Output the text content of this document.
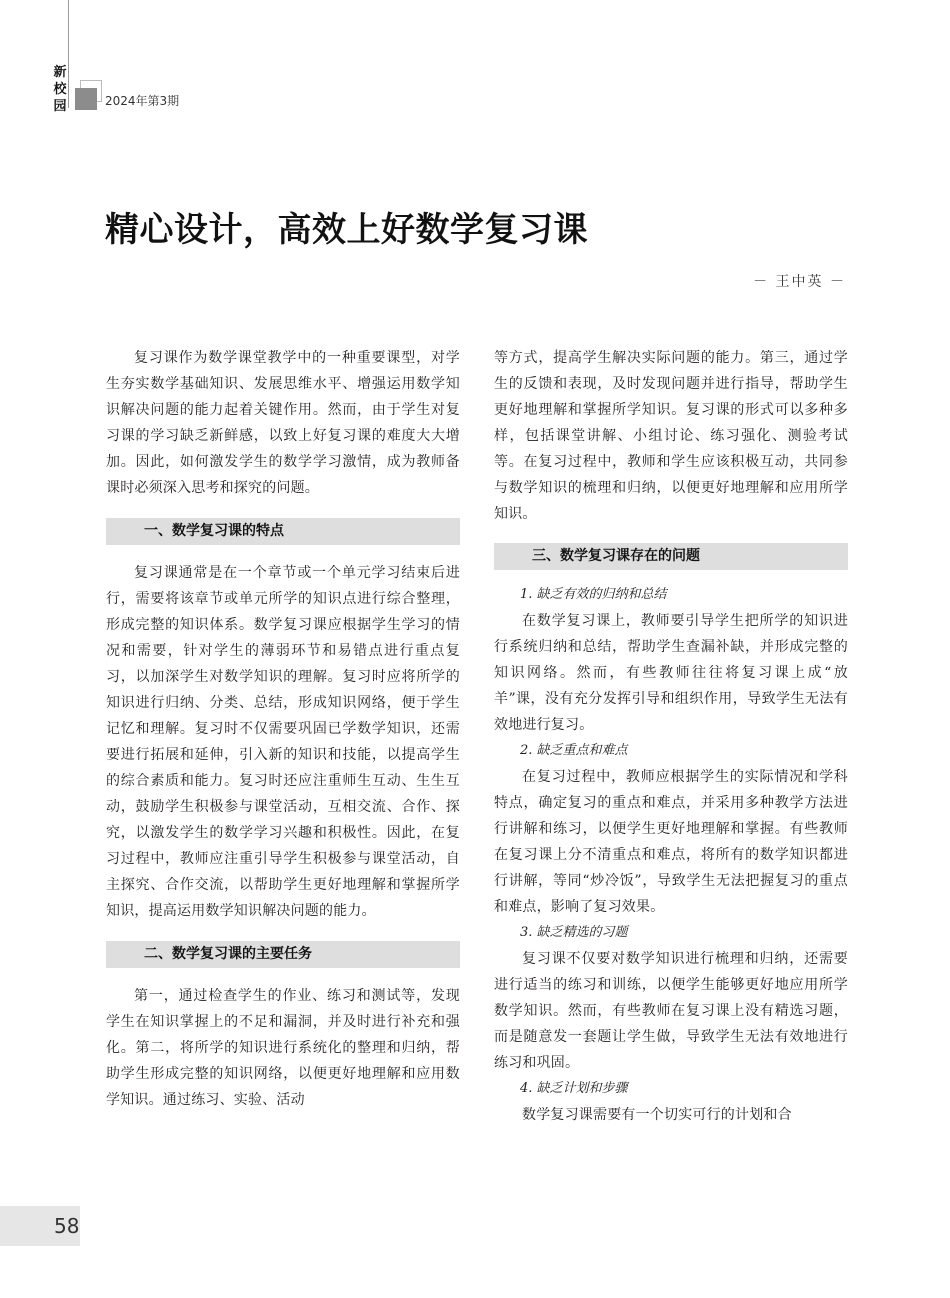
新
校
园	2024年第3期
精心设计，高效上好数学复习课
－ 王中英 －

复习课作为数学课堂教学中的一种重要课型，对学生夯实数学基础知识、发展思维水平、增强运用数学知识解决问题的能力起着关键作用。然而，由于学生对复习课的学习缺乏新鲜感，以致上好复习课的难度大大增加。因此，如何激发学生的数学学习激情，成为教师备课时必须深入思考和探究的问题。

一、数学复习课的特点

复习课通常是在一个章节或一个单元学习结束后进行，需要将该章节或单元所学的知识点进行综合整理，形成完整的知识体系。数学复习课应根据学生学习的情况和需要，针对学生的薄弱环节和易错点进行重点复习，以加深学生对数学知识的理解。复习时应将所学的知识进行归纳、分类、总结，形成知识网络，便于学生记忆和理解。复习时不仅需要巩固已学数学知识，还需要进行拓展和延伸，引入新的知识和技能，以提高学生的综合素质和能力。复习时还应注重师生互动、生生互动，鼓励学生积极参与课堂活动，互相交流、合作、探究，以激发学生的数学学习兴趣和积极性。因此，在复习过程中，教师应注重引导学生积极参与课堂活动，自主探究、合作交流，以帮助学生更好地理解和掌握所学知识，提高运用数学知识解决问题的能力。

二、数学复习课的主要任务

第一，通过检查学生的作业、练习和测试等，发现学生在知识掌握上的不足和漏洞，并及时进行补充和强化。第二，将所学的知识进行系统化的整理和归纳，帮助学生形成完整的知识网络，以便更好地理解和应用数学知识。通过练习、实验、活动

等方式，提高学生解决实际问题的能力。第三，通过学生的反馈和表现，及时发现问题并进行指导，帮助学生更好地理解和掌握所学知识。复习课的形式可以多种多样，包括课堂讲解、小组讨论、练习强化、测验考试等。在复习过程中，教师和学生应该积极互动，共同参与数学知识的梳理和归纳，以便更好地理解和应用所学知识。

三、数学复习课存在的问题

1. 缺乏有效的归纳和总结

在数学复习课上，教师要引导学生把所学的知识进行系统归纳和总结，帮助学生查漏补缺，并形成完整的知识网络。然而，有些教师往往将复习课上成“放羊”课，没有充分发挥引导和组织作用，导致学生无法有效地进行复习。

2. 缺乏重点和难点

在复习过程中，教师应根据学生的实际情况和学科特点，确定复习的重点和难点，并采用多种教学方法进行讲解和练习，以便学生更好地理解和掌握。有些教师在复习课上分不清重点和难点，将所有的数学知识都进行讲解，等同“炒冷饭”，导致学生无法把握复习的重点和难点，影响了复习效果。

3. 缺乏精选的习题

复习课不仅要对数学知识进行梳理和归纳，还需要进行适当的练习和训练，以便学生能够更好地应用所学数学知识。然而，有些教师在复习课上没有精选习题，而是随意发一套题让学生做，导致学生无法有效地进行练习和巩固。

4. 缺乏计划和步骤

数学复习课需要有一个切实可行的计划和合

58
